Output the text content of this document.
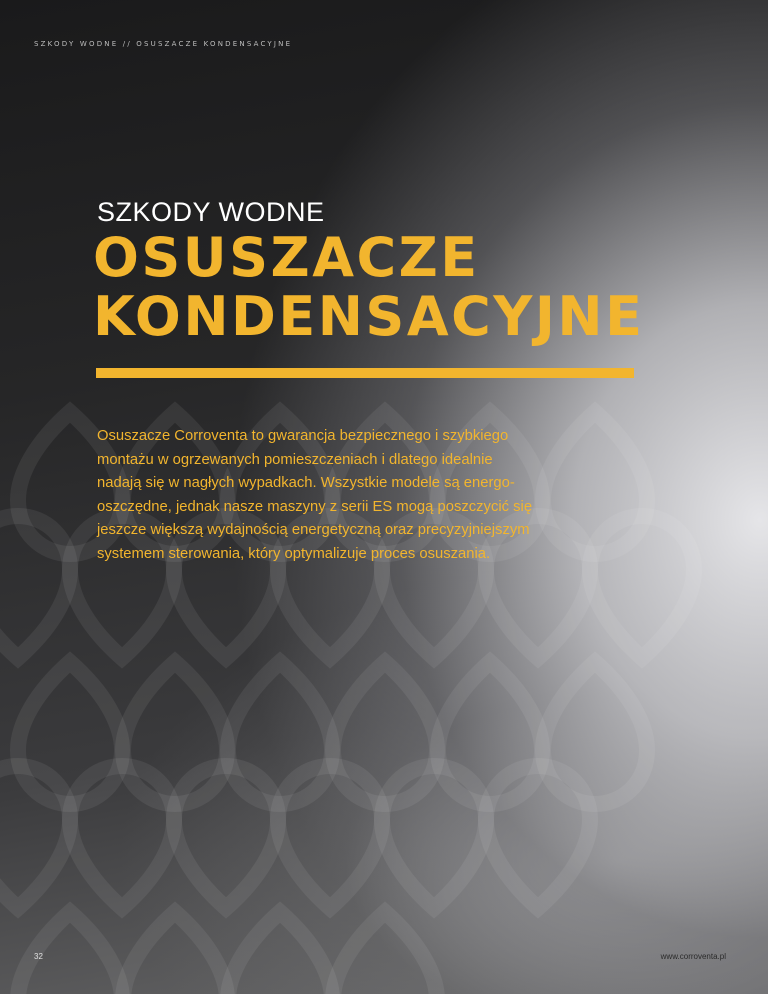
SZKODY WODNE // OSUSZACZE KONDENSACYJNE
SZKODY WODNE
OSUSZACZE
KONDENSACYJNE
Osuszacze Corroventa to gwarancja bezpiecznego i szybkiego
montażu w ogrzewanych pomieszczeniach i dlatego idealnie
nadają się w nagłych wypadkach. Wszystkie modele są energo-
oszczędne, jednak nasze maszyny z serii ES mogą poszczycić się
jeszcze większą wydajnością energetyczną oraz precyzyjniejszym
systemem sterowania, który optymalizuje proces osuszania.
32	www.corroventa.pl
